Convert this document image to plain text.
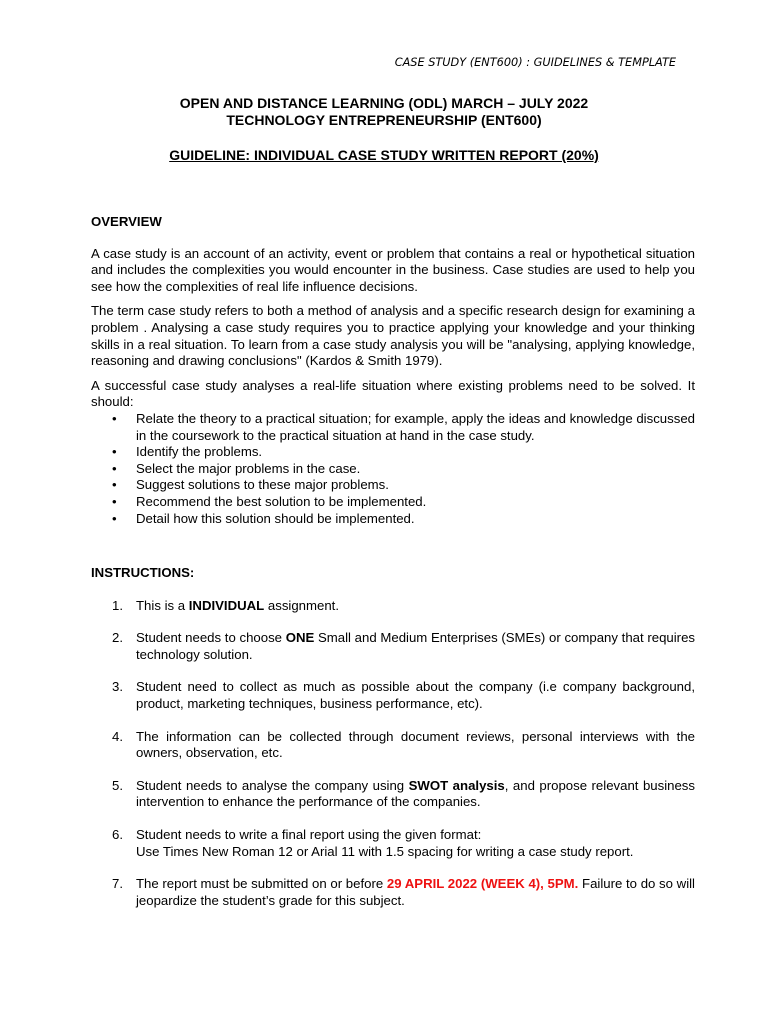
CASE STUDY (ENT600) : GUIDELINES & TEMPLATE
OPEN AND DISTANCE LEARNING (ODL) MARCH – JULY 2022
TECHNOLOGY ENTREPRENEURSHIP (ENT600)
GUIDELINE: INDIVIDUAL CASE STUDY WRITTEN REPORT (20%)
OVERVIEW

A case study is an account of an activity, event or problem that contains a real or hypothetical situation and includes the complexities you would encounter in the business. Case studies are used to help you see how the complexities of real life influence decisions.

The term case study refers to both a method of analysis and a specific research design for examining a problem . Analysing a case study requires you to practice applying your knowledge and your thinking skills in a real situation. To learn from a case study analysis you will be "analysing, applying knowledge, reasoning and drawing conclusions" (Kardos & Smith 1979).

A successful case study analyses a real-life situation where existing problems need to be solved. It should:

• Relate the theory to a practical situation; for example, apply the ideas and knowledge discussed in the coursework to the practical situation at hand in the case study.
• Identify the problems.
• Select the major problems in the case.
• Suggest solutions to these major problems.
• Recommend the best solution to be implemented.
• Detail how this solution should be implemented.
INSTRUCTIONS:
1. This is a INDIVIDUAL assignment.
2. Student needs to choose ONE Small and Medium Enterprises (SMEs) or company that requires technology solution.
3. Student need to collect as much as possible about the company (i.e company background, product, marketing techniques, business performance, etc).
4. The information can be collected through document reviews, personal interviews with the owners, observation, etc.
5. Student needs to analyse the company using SWOT analysis, and propose relevant business intervention to enhance the performance of the companies.
6. Student needs to write a final report using the given format:
Use Times New Roman 12 or Arial 11 with 1.5 spacing for writing a case study report.
7. The report must be submitted on or before 29 APRIL 2022 (WEEK 4), 5PM. Failure to do so will jeopardize the student’s grade for this subject.
